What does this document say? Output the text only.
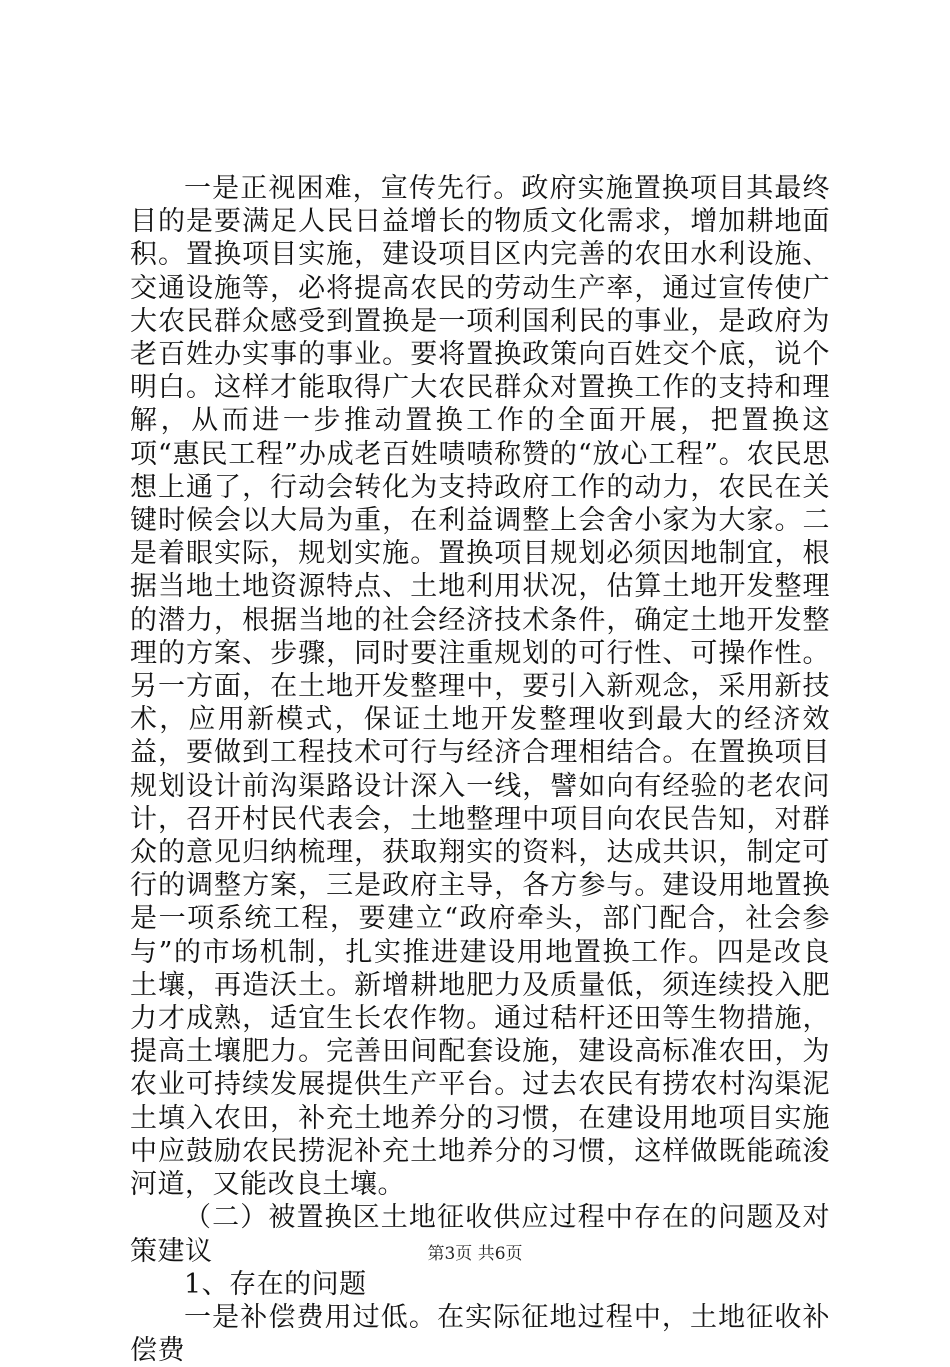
一是正视困难，宣传先行。政府实施置换项目其最终目的是要满足人民日益增长的物质文化需求，增加耕地面积。置换项目实施，建设项目区内完善的农田水利设施、交通设施等，必将提高农民的劳动生产率，通过宣传使广大农民群众感受到置换是一项利国利民的事业，是政府为老百姓办实事的事业。要将置换政策向百姓交个底，说个明白。这样才能取得广大农民群众对置换工作的支持和理解，从而进一步推动置换工作的全面开展，把置换这项“惠民工程”办成老百姓啧啧称赞的“放心工程”。农民思想上通了，行动会转化为支持政府工作的动力，农民在关键时候会以大局为重，在利益调整上会舍小家为大家。二是着眼实际，规划实施。置换项目规划必须因地制宜，根据当地土地资源特点、土地利用状况，估算土地开发整理的潜力，根据当地的社会经济技术条件，确定土地开发整理的方案、步骤，同时要注重规划的可行性、可操作性。另一方面，在土地开发整理中，要引入新观念，采用新技术，应用新模式，保证土地开发整理收到最大的经济效益，要做到工程技术可行与经济合理相结合。在置换项目规划设计前沟渠路设计深入一线，譬如向有经验的老农问计，召开村民代表会，土地整理中项目向农民告知，对群众的意见归纳梳理，获取翔实的资料，达成共识，制定可行的调整方案，三是政府主导，各方参与。建设用地置换是一项系统工程，要建立“政府牵头，部门配合，社会参与”的市场机制，扎实推进建设用地置换工作。四是改良土壤，再造沃土。新增耕地肥力及质量低，须连续投入肥力才成熟，适宜生长农作物。通过秸杆还田等生物措施，提高土壤肥力。完善田间配套设施，建设高标准农田，为农业可持续发展提供生产平台。过去农民有捞农村沟渠泥土填入农田，补充土地养分的习惯，在建设用地项目实施中应鼓励农民捞泥补充土地养分的习惯，这样做既能疏浚河道，又能改良土壤。

（二）被置换区土地征收供应过程中存在的问题及对策建议

1、存在的问题

一是补偿费用过低。在实际征地过程中，土地征收补偿费

第3页 共6页
